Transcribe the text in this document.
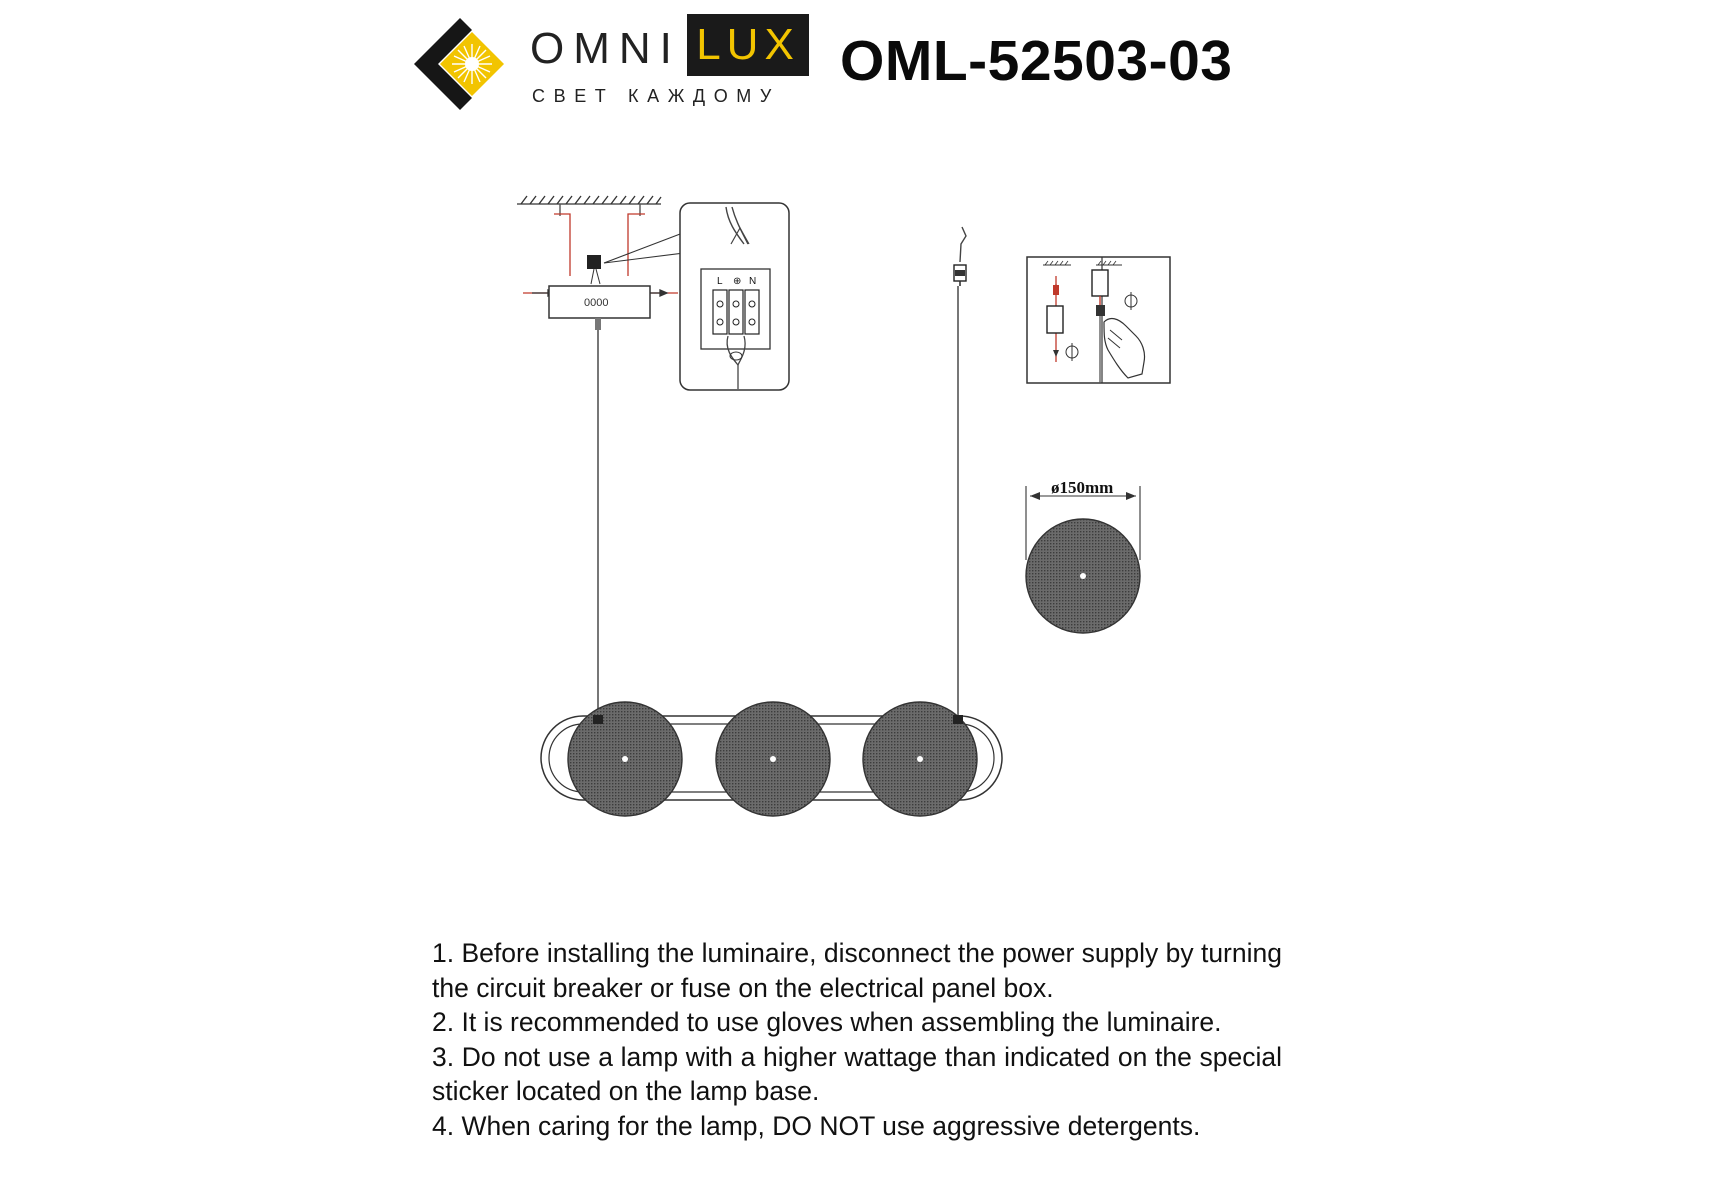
OMNI LUX
СВЕТ КАЖДОМУ
OML-52503-03
0000
L ⊕ N
ø150mm

1. Before installing the luminaire, disconnect the power supply by turning the circuit breaker or fuse on the electrical panel box.

2. It is recommended to use gloves when assembling the luminaire.

3. Do not use a lamp with a higher wattage than indicated on the special sticker located on the lamp base.

4. When caring for the lamp, DO NOT use aggressive detergents.
